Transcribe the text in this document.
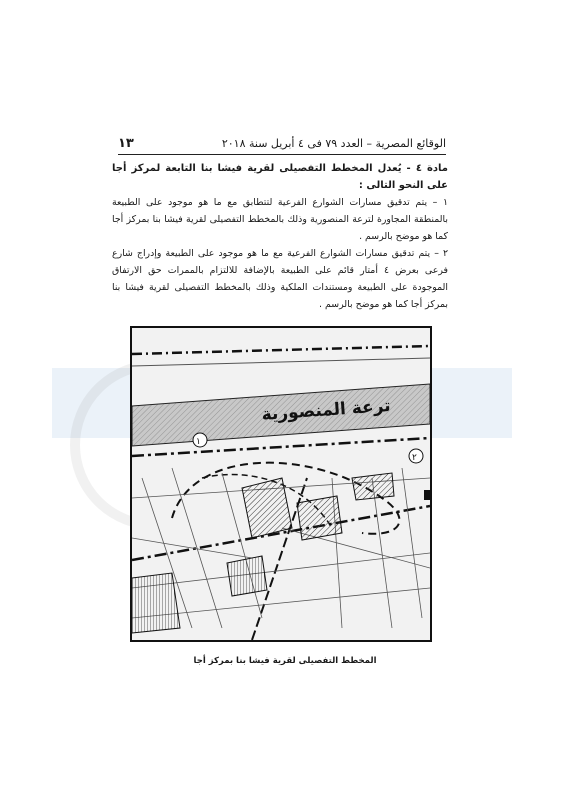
الوقائع المصرية – العدد ٧٩ فى ٤ أبريل سنة ٢٠١٨
١٣

مادة ٤ - يُعدل المخطط التفصيلى لقرية فيشا بنا التابعة لمركز أجا على النحو التالى :

١ – يتم تدقيق مسارات الشوارع الفرعية لتتطابق مع ما هو موجود على الطبيعة بالمنطقة المجاورة لترعة المنصورية وذلك بالمخطط التفصيلى لقرية فيشا بنا بمركز أجا كما هو موضح بالرسم .

٢ – يتم تدقيق مسارات الشوارع الفرعية مع ما هو موجود على الطبيعة وإدراج شارع فرعى بعرض ٤ أمتار قائم على الطبيعة بالإضافة للالتزام بالممرات حق الارتفاق الموجودة على الطبيعة ومستندات الملكية وذلك بالمخطط التفصيلى لقرية فيشا بنا بمركز أجا كما هو موضح بالرسم .

ترعة المنصورية
١
٢
المخطط التفصيلى لقرية فيشا بنا بمركز أجا
